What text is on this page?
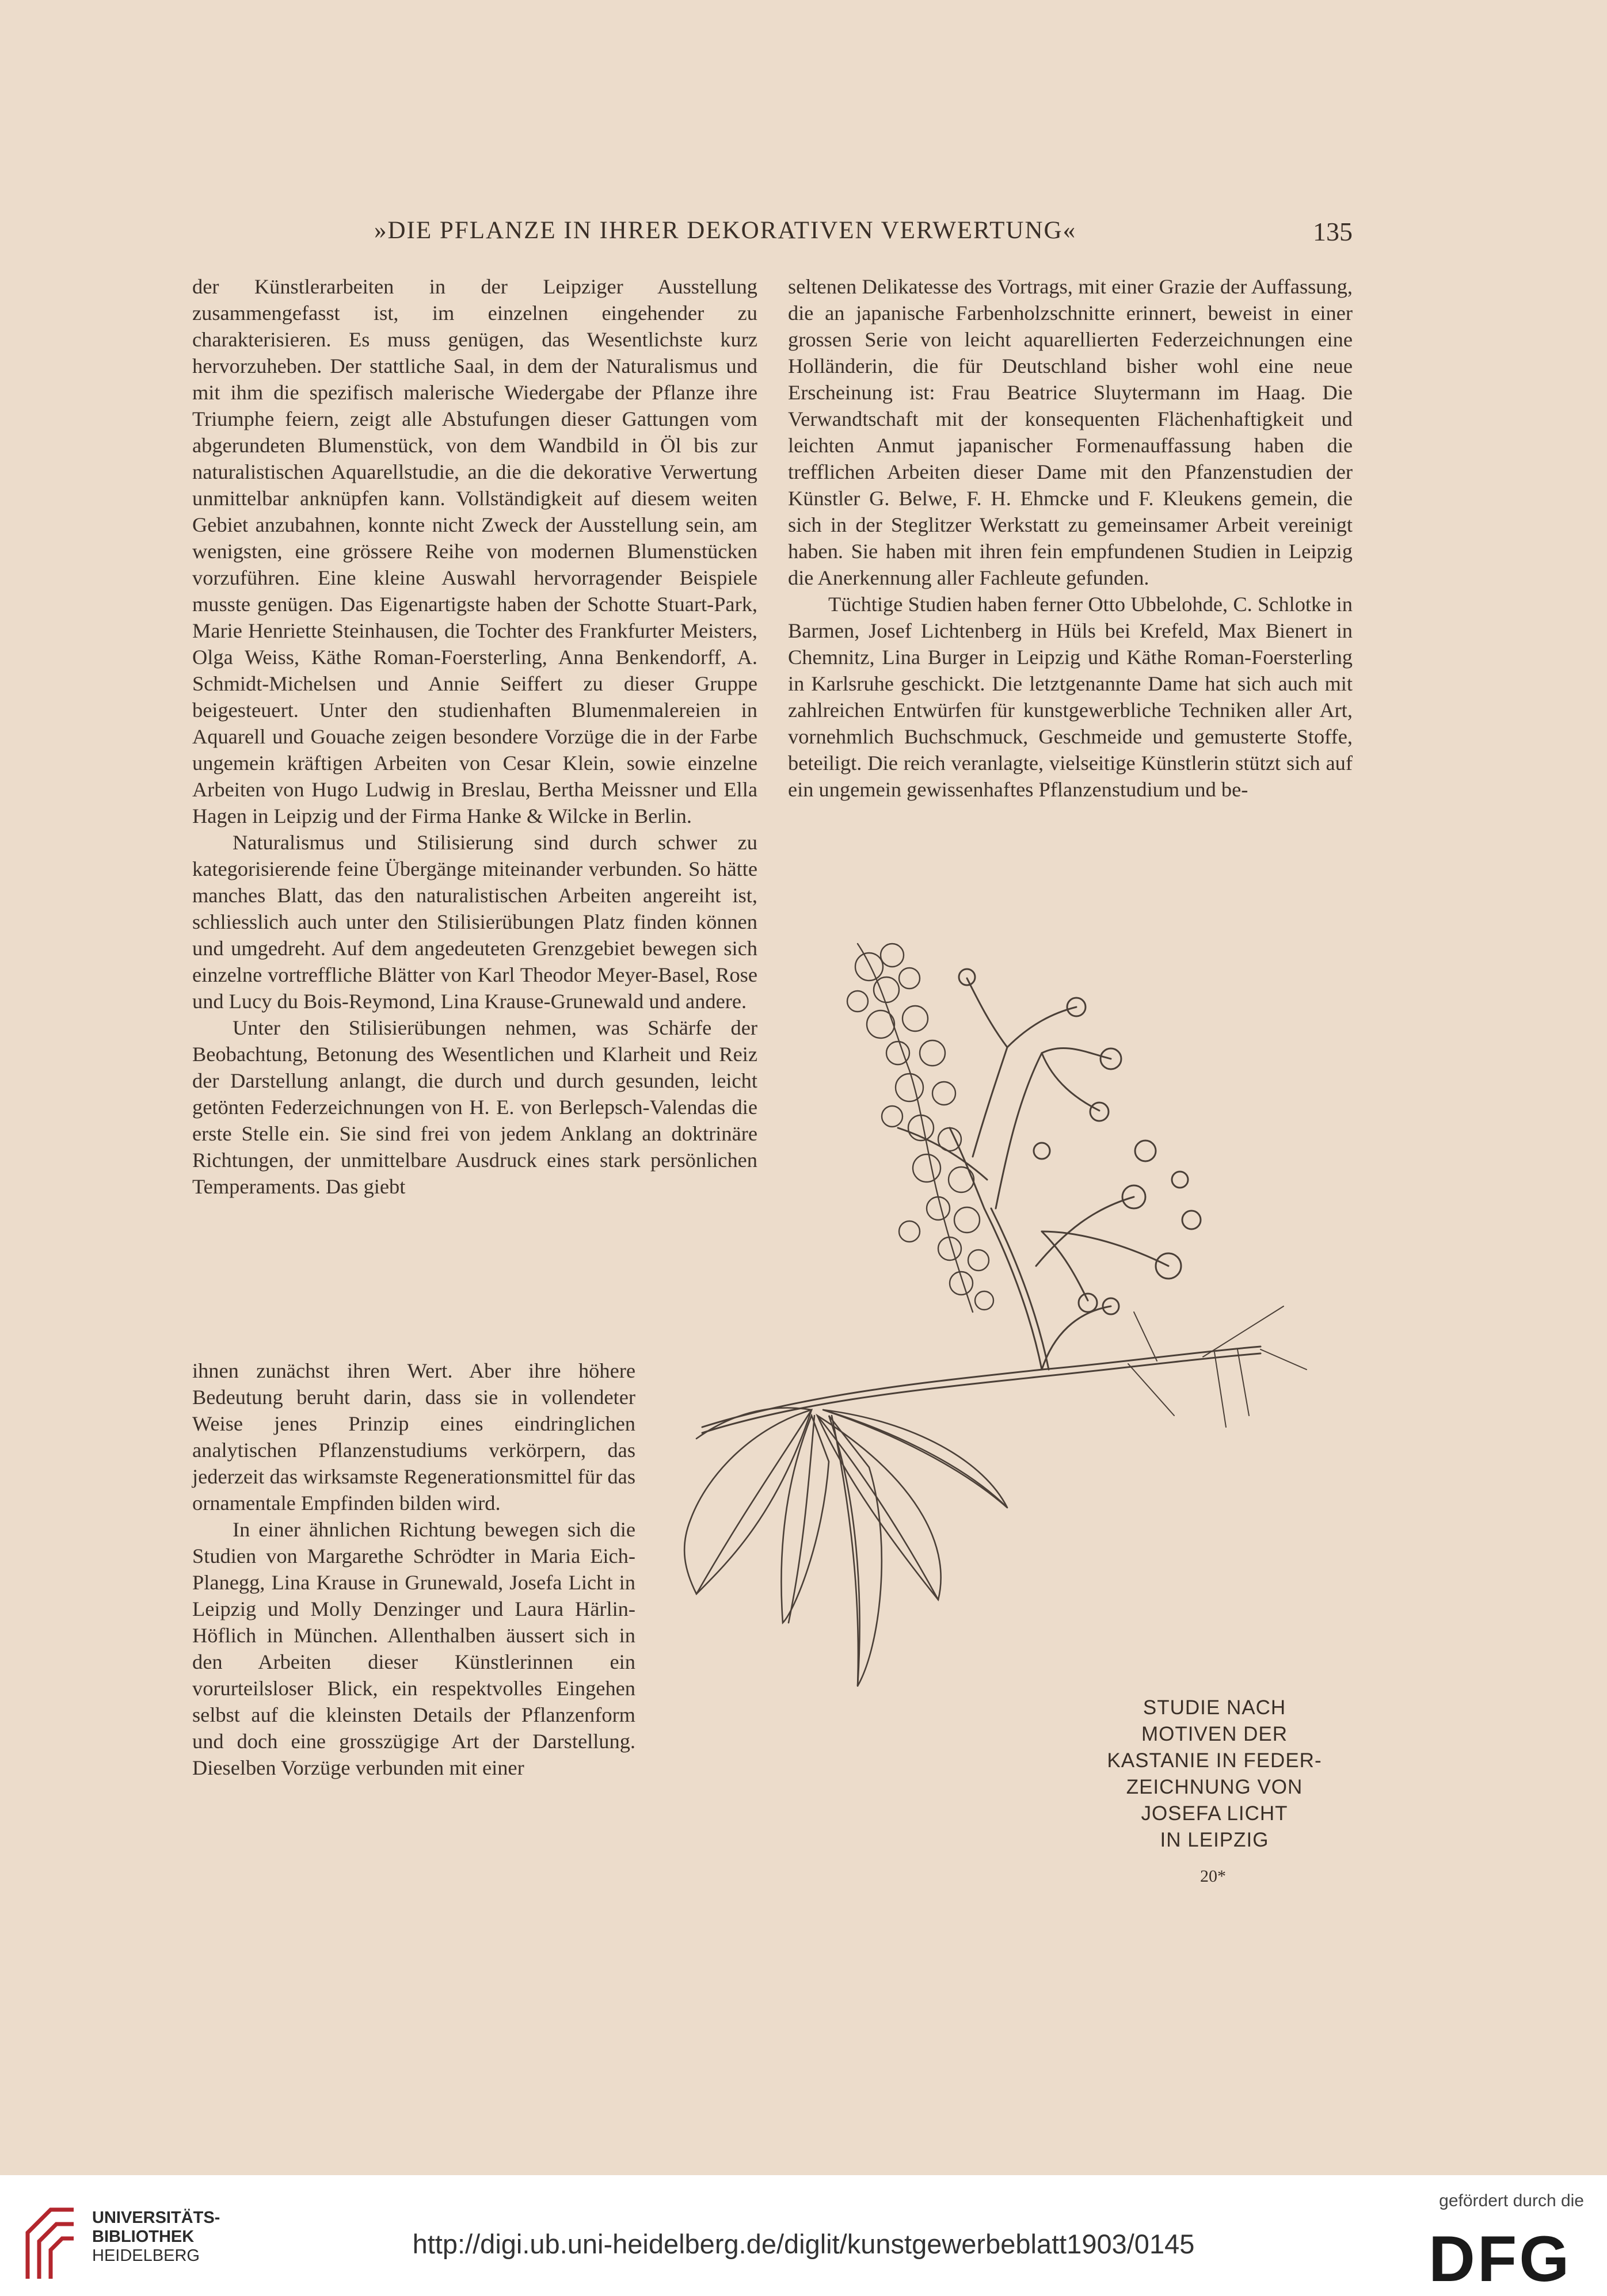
»DIE PFLANZE IN IHRER DEKORATIVEN VERWERTUNG«	135

der Künstlerarbeiten in der Leipziger Ausstellung zusammengefasst ist, im einzelnen eingehender zu charakterisieren. Es muss genügen, das Wesentlichste kurz hervorzuheben. Der stattliche Saal, in dem der Naturalismus und mit ihm die spezifisch malerische Wiedergabe der Pflanze ihre Triumphe feiern, zeigt alle Abstufungen dieser Gattungen vom abgerundeten Blumenstück, von dem Wandbild in Öl bis zur naturalistischen Aquarellstudie, an die die dekorative Verwertung unmittelbar anknüpfen kann. Vollständigkeit auf diesem weiten Gebiet anzubahnen, konnte nicht Zweck der Ausstellung sein, am wenigsten, eine grössere Reihe von modernen Blumenstücken vorzuführen. Eine kleine Auswahl hervorragender Beispiele musste genügen. Das Eigenartigste haben der Schotte Stuart-Park, Marie Henriette Steinhausen, die Tochter des Frankfurter Meisters, Olga Weiss, Käthe Roman-Foersterling, Anna Benkendorff, A. Schmidt-Michelsen und Annie Seiffert zu dieser Gruppe beigesteuert. Unter den studienhaften Blumenmalereien in Aquarell und Gouache zeigen besondere Vorzüge die in der Farbe ungemein kräftigen Arbeiten von Cesar Klein, sowie einzelne Arbeiten von Hugo Ludwig in Breslau, Bertha Meissner und Ella Hagen in Leipzig und der Firma Hanke & Wilcke in Berlin.

Naturalismus und Stilisierung sind durch schwer zu kategorisierende feine Übergänge miteinander verbunden. So hätte manches Blatt, das den naturalistischen Arbeiten angereiht ist, schliesslich auch unter den Stilisierübungen Platz finden können und umgedreht. Auf dem angedeuteten Grenzgebiet bewegen sich einzelne vortreffliche Blätter von Karl Theodor Meyer-Basel, Rose und Lucy du Bois-Reymond, Lina Krause-Grunewald und andere.

Unter den Stilisierübungen nehmen, was Schärfe der Beobachtung, Betonung des Wesentlichen und Klarheit und Reiz der Darstellung anlangt, die durch und durch gesunden, leicht getönten Federzeichnungen von H. E. von Berlepsch-Valendas die erste Stelle ein. Sie sind frei von jedem Anklang an doktrinäre Richtungen, der unmittelbare Ausdruck eines stark persönlichen Temperaments. Das giebt

ihnen zunächst ihren Wert. Aber ihre höhere Bedeutung beruht darin, dass sie in vollendeter Weise jenes Prinzip eines eindringlichen analytischen Pflanzenstudiums verkörpern, das jederzeit das wirksamste Regenerationsmittel für das ornamentale Empfinden bilden wird.

In einer ähnlichen Richtung bewegen sich die Studien von Margarethe Schrödter in Maria Eich-Planegg, Lina Krause in Grunewald, Josefa Licht in Leipzig und Molly Denzinger und Laura Härlin-Höflich in München. Allenthalben äussert sich in den Arbeiten dieser Künstlerinnen ein vorurteilsloser Blick, ein respektvolles Eingehen selbst auf die kleinsten Details der Pflanzenform und doch eine grosszügige Art der Darstellung. Dieselben Vorzüge verbunden mit einer

seltenen Delikatesse des Vortrags, mit einer Grazie der Auffassung, die an japanische Farbenholzschnitte erinnert, beweist in einer grossen Serie von leicht aquarellierten Federzeichnungen eine Holländerin, die für Deutschland bisher wohl eine neue Erscheinung ist: Frau Beatrice Sluytermann im Haag. Die Verwandtschaft mit der konsequenten Flächenhaftigkeit und leichten Anmut japanischer Formenauffassung haben die trefflichen Arbeiten dieser Dame mit den Pfanzenstudien der Künstler G. Belwe, F. H. Ehmcke und F. Kleukens gemein, die sich in der Steglitzer Werkstatt zu gemeinsamer Arbeit vereinigt haben. Sie haben mit ihren fein empfundenen Studien in Leipzig die Anerkennung aller Fachleute gefunden.

Tüchtige Studien haben ferner Otto Ubbelohde, C. Schlotke in Barmen, Josef Lichtenberg in Hüls bei Krefeld, Max Bienert in Chemnitz, Lina Burger in Leipzig und Käthe Roman-Foersterling in Karlsruhe geschickt. Die letztgenannte Dame hat sich auch mit zahlreichen Entwürfen für kunstgewerbliche Techniken aller Art, vornehmlich Buchschmuck, Geschmeide und gemusterte Stoffe, beteiligt. Die reich veranlagte, vielseitige Künstlerin stützt sich auf ein ungemein gewissenhaftes Pflanzenstudium und be-

STUDIE NACH
MOTIVEN DER
KASTANIE IN FEDER-
ZEICHNUNG VON
JOSEFA LICHT
IN LEIPZIG
20*
UNIVERSITÄTS-
BIBLIOTHEK
HEIDELBERG	http://digi.ub.uni-heidelberg.de/diglit/kunstgewerbeblatt1903/0145
gefördert durch die
DFG
